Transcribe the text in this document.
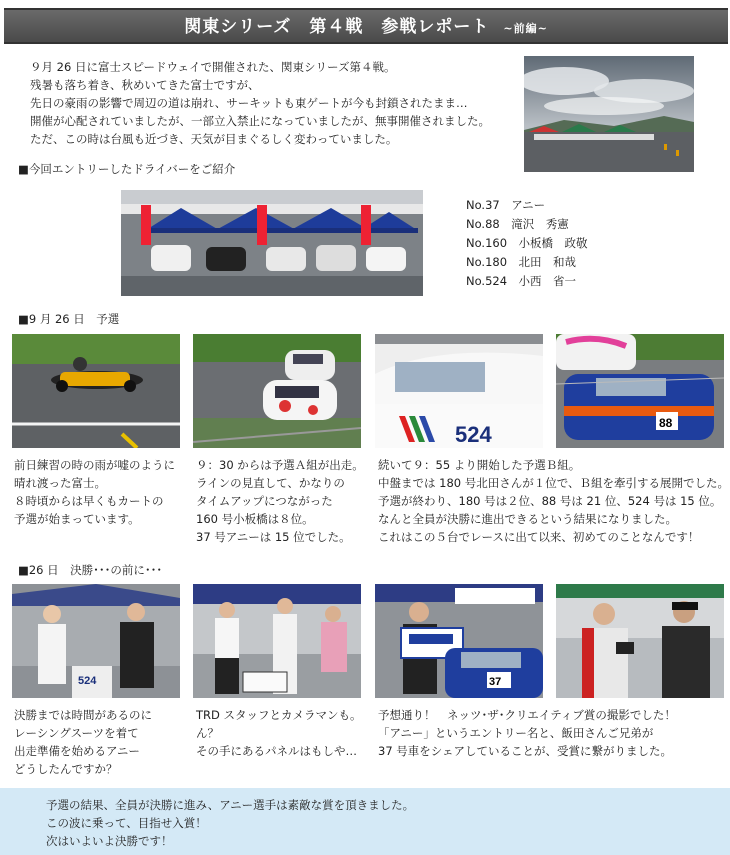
関東シリーズ　第４戦　参戦レポート ~前編~
９月 26 日に富士スピードウェイで開催された、関東シリーズ第４戦。
残暑も落ち着き、秋めいてきた富士ですが、
先日の豪雨の影響で周辺の道は崩れ、サーキットも東ゲートが今も封鎖されたまま…
開催が心配されていましたが、一部立入禁止になっていましたが、無事開催されました。
ただ、この時は台風も近づき、天気が目まぐるしく変わっていました。
■今回エントリーしたドライバーをご紹介
No.37　アニー
No.88　滝沢　秀憲
No.160　小板橋　政敬
No.180　北田　和哉
No.524　小西　省一
■9 月 26 日　予選
524	88
前日練習の時の雨が嘘のように
晴れ渡った富士。
８時頃からは早くもカートの
予選が始まっています。
９：30 からは予選Ａ組が出走。
ラインの見直して、かなりの
タイムアップにつながった
160 号小板橋は８位。
37 号アニーは 15 位でした。
続いて９：55 より開始した予選Ｂ組。
中盤までは 180 号北田さんが１位で、Ｂ組を牽引する展開でした。
予選が終わり、180 号は２位、88 号は 21 位、524 号は 15 位。
なんと全員が決勝に進出できるという結果になりました。
これはこの５台でレースに出て以来、初めてのことなんです！
■26 日　決勝･･･の前に･･･
524	37
決勝までは時間があるのに
レーシングスーツを着て
出走準備を始めるアニー
どうしたんですか？
TRD スタッフとカメラマンも。
ん？
その手にあるパネルはもしや…
予想通り！　ネッツ･ザ･クリエイティブ賞の撮影でした！
「アニー」というエントリー名と、飯田さんご兄弟が
37 号車をシェアしていることが、受賞に繋がりました。
予選の結果、全員が決勝に進み、アニー選手は素敵な賞を頂きました。
この波に乗って、目指せ入賞！
次はいよいよ決勝です！
